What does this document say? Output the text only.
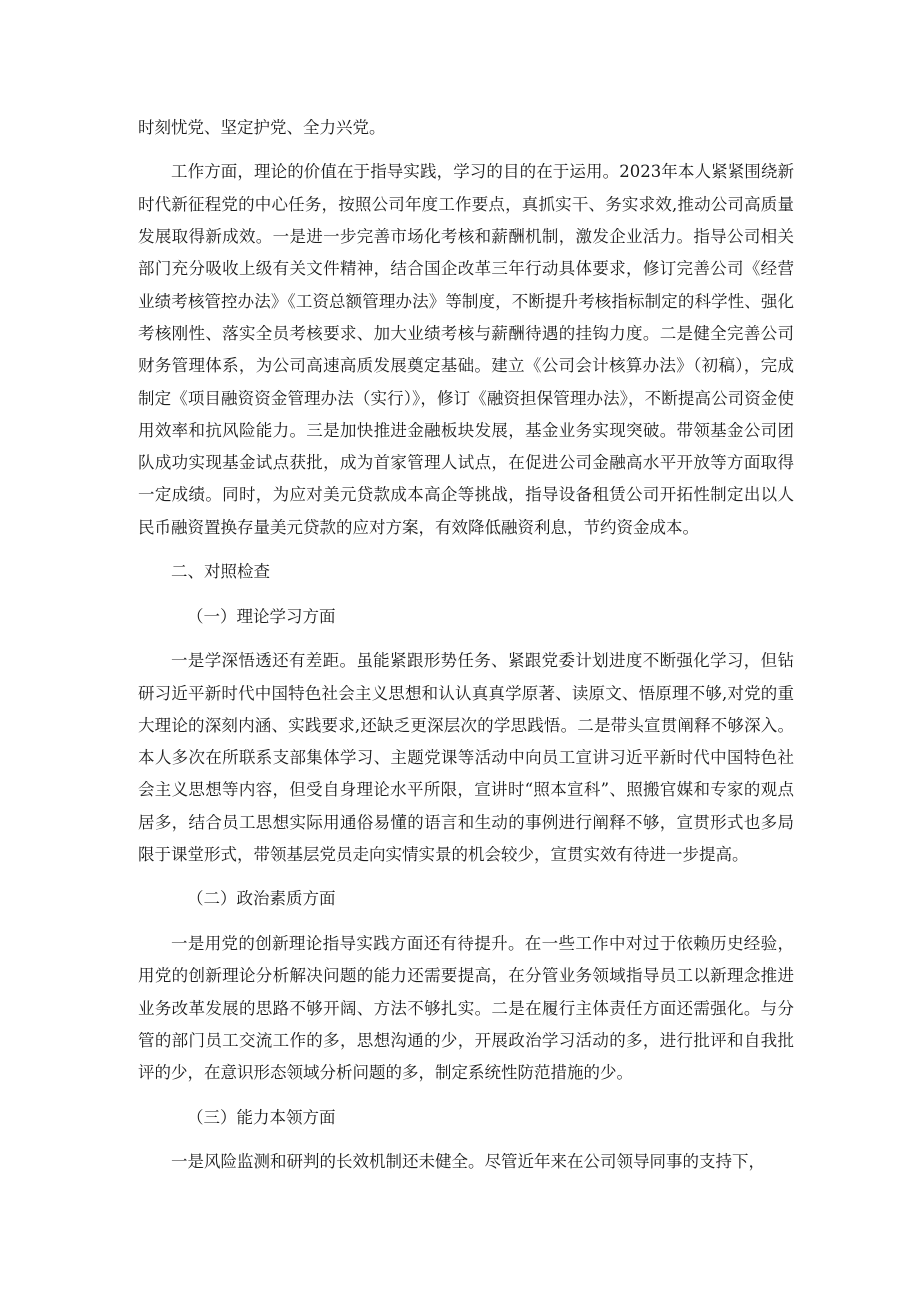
时刻忧党、坚定护党、全力兴党。

工作方面，理论的价值在于指导实践，学习的目的在于运用。2023年本人紧紧围绕新时代新征程党的中心任务，按照公司年度工作要点，真抓实干、务实求效,推动公司高质量发展取得新成效。一是进一步完善市场化考核和薪酬机制，激发企业活力。指导公司相关部门充分吸收上级有关文件精神，结合国企改革三年行动具体要求，修订完善公司《经营业绩考核管控办法》《工资总额管理办法》等制度，不断提升考核指标制定的科学性、强化考核刚性、落实全员考核要求、加大业绩考核与薪酬待遇的挂钩力度。二是健全完善公司财务管理体系，为公司高速高质发展奠定基础。建立《公司会计核算办法》（初稿），完成制定《项目融资资金管理办法（实行）》，修订《融资担保管理办法》，不断提高公司资金使用效率和抗风险能力。三是加快推进金融板块发展，基金业务实现突破。带领基金公司团队成功实现基金试点获批，成为首家管理人试点，在促进公司金融高水平开放等方面取得一定成绩。同时，为应对美元贷款成本高企等挑战，指导设备租赁公司开拓性制定出以人民币融资置换存量美元贷款的应对方案，有效降低融资利息，节约资金成本。

二、对照检查

（一）理论学习方面

一是学深悟透还有差距。虽能紧跟形势任务、紧跟党委计划进度不断强化学习，但钻研习近平新时代中国特色社会主义思想和认认真真学原著、读原文、悟原理不够,对党的重大理论的深刻内涵、实践要求,还缺乏更深层次的学思践悟。二是带头宣贯阐释不够深入。本人多次在所联系支部集体学习、主题党课等活动中向员工宣讲习近平新时代中国特色社会主义思想等内容，但受自身理论水平所限，宣讲时“照本宣科”、照搬官媒和专家的观点居多，结合员工思想实际用通俗易懂的语言和生动的事例进行阐释不够，宣贯形式也多局限于课堂形式，带领基层党员走向实情实景的机会较少，宣贯实效有待进一步提高。

（二）政治素质方面

一是用党的创新理论指导实践方面还有待提升。在一些工作中对过于依赖历史经验，用党的创新理论分析解决问题的能力还需要提高，在分管业务领域指导员工以新理念推进业务改革发展的思路不够开阔、方法不够扎实。二是在履行主体责任方面还需强化。与分管的部门员工交流工作的多，思想沟通的少，开展政治学习活动的多，进行批评和自我批评的少，在意识形态领域分析问题的多，制定系统性防范措施的少。

（三）能力本领方面

一是风险监测和研判的长效机制还未健全。尽管近年来在公司领导同事的支持下，
